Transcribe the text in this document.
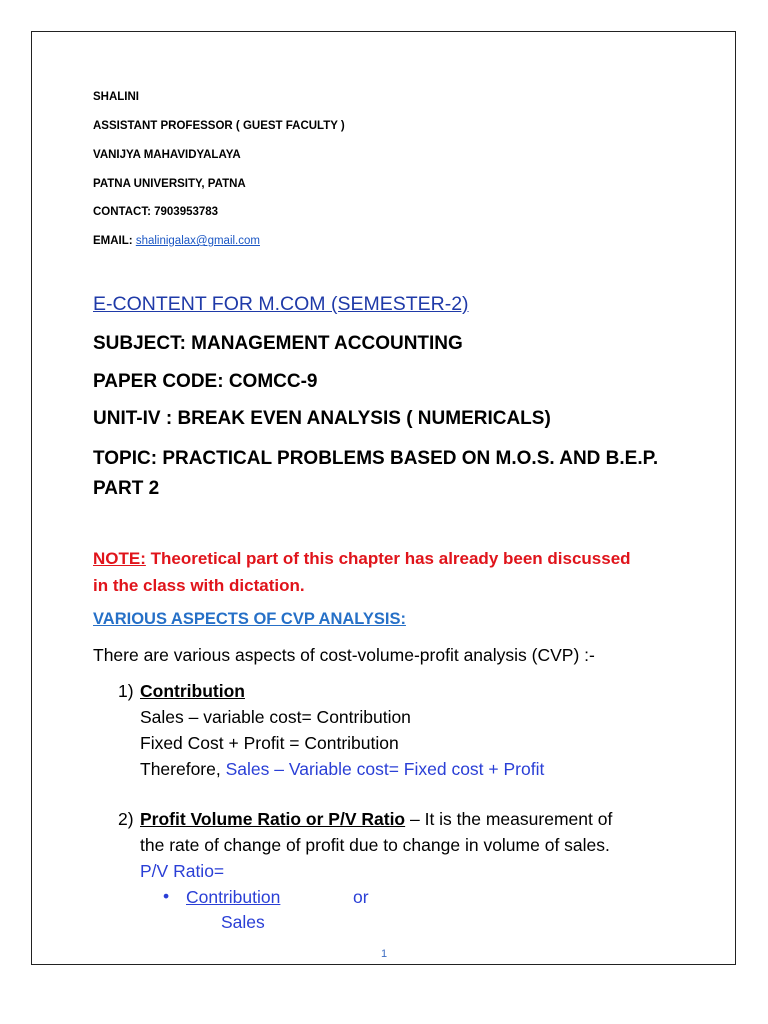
SHALINI
ASSISTANT PROFESSOR ( GUEST FACULTY )
VANIJYA MAHAVIDYALAYA
PATNA UNIVERSITY, PATNA
CONTACT: 7903953783
EMAIL: shalinigalax@gmail.com
E-CONTENT FOR M.COM (SEMESTER-2)
SUBJECT: MANAGEMENT ACCOUNTING
PAPER CODE: COMCC-9
UNIT-IV : BREAK EVEN ANALYSIS ( NUMERICALS)
TOPIC: PRACTICAL PROBLEMS BASED ON M.O.S. AND B.E.P.
PART 2
NOTE: Theoretical part of this chapter has already been discussed
in the class with dictation.
VARIOUS ASPECTS OF CVP ANALYSIS:
There are various aspects of cost-volume-profit analysis (CVP) :-
1) Contribution
Sales – variable cost= Contribution
Fixed Cost + Profit = Contribution
Therefore, Sales – Variable cost= Fixed cost + Profit
2) Profit Volume Ratio or P/V Ratio – It is the measurement of
the rate of change of profit due to change in volume of sales.
P/V Ratio=
• Contribution	or
Sales
1
